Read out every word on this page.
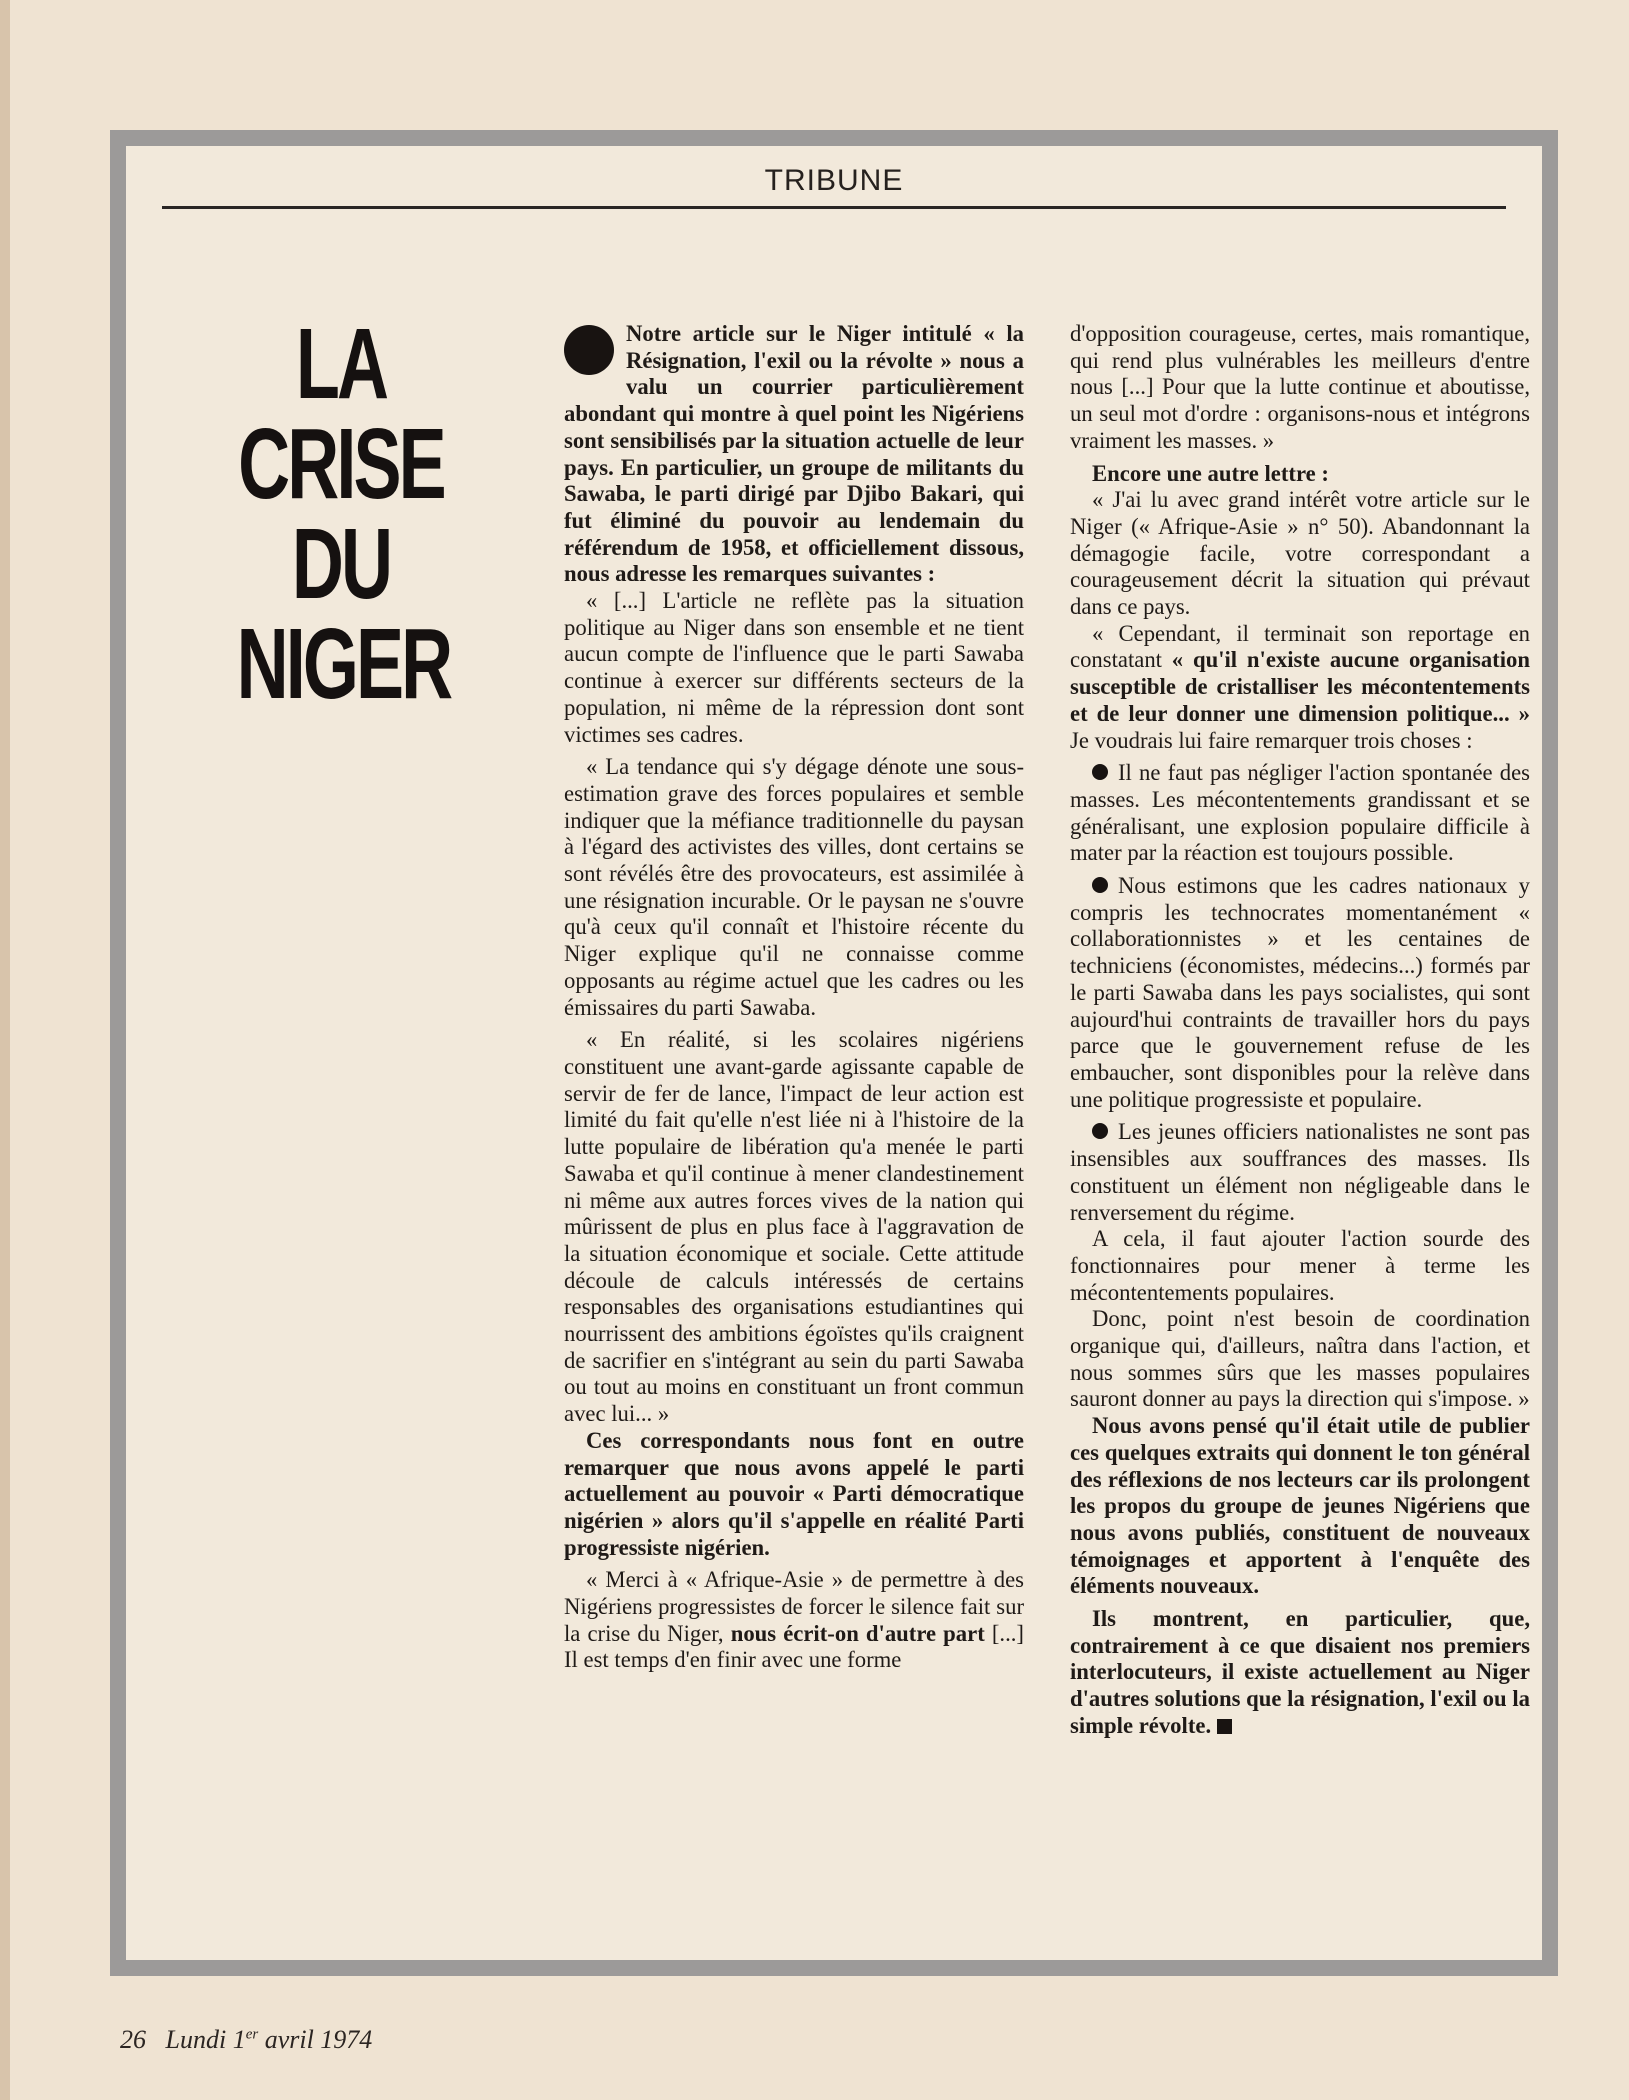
TRIBUNE
LA
CRISE
DU
NIGER

Notre article sur le Niger intitulé « la Résignation, l'exil ou la révolte » nous a valu un courrier particulièrement abondant qui montre à quel point les Nigériens sont sensibilisés par la situation actuelle de leur pays. En particulier, un groupe de militants du Sawaba, le parti dirigé par Djibo Bakari, qui fut éliminé du pouvoir au lendemain du référendum de 1958, et officiellement dissous, nous adresse les remarques suivantes :

« [...] L'article ne reflète pas la situation politique au Niger dans son ensemble et ne tient aucun compte de l'influence que le parti Sawaba continue à exercer sur différents secteurs de la population, ni même de la répression dont sont victimes ses cadres.

« La tendance qui s'y dégage dénote une sous-estimation grave des forces populaires et semble indiquer que la méfiance traditionnelle du paysan à l'égard des activistes des villes, dont certains se sont révélés être des provocateurs, est assimilée à une résignation incurable. Or le paysan ne s'ouvre qu'à ceux qu'il connaît et l'histoire récente du Niger explique qu'il ne connaisse comme opposants au régime actuel que les cadres ou les émissaires du parti Sawaba.

« En réalité, si les scolaires nigériens constituent une avant-garde agissante capable de servir de fer de lance, l'impact de leur action est limité du fait qu'elle n'est liée ni à l'histoire de la lutte populaire de libération qu'a menée le parti Sawaba et qu'il continue à mener clandestinement ni même aux autres forces vives de la nation qui mûrissent de plus en plus face à l'aggravation de la situation économique et sociale. Cette attitude découle de calculs intéressés de certains responsables des organisations estudiantines qui nourrissent des ambitions égoïstes qu'ils craignent de sacrifier en s'intégrant au sein du parti Sawaba ou tout au moins en constituant un front commun avec lui... »

Ces correspondants nous font en outre remarquer que nous avons appelé le parti actuellement au pouvoir « Parti démocratique nigérien » alors qu'il s'appelle en réalité Parti progressiste nigérien.

« Merci à « Afrique-Asie » de permettre à des Nigériens progressistes de forcer le silence fait sur la crise du Niger, nous écrit-on d'autre part [...] Il est temps d'en finir avec une forme

d'opposition courageuse, certes, mais romantique, qui rend plus vulnérables les meilleurs d'entre nous [...] Pour que la lutte continue et aboutisse, un seul mot d'ordre : organisons-nous et intégrons vraiment les masses. »

Encore une autre lettre :

« J'ai lu avec grand intérêt votre article sur le Niger (« Afrique-Asie » n° 50). Abandonnant la démagogie facile, votre correspondant a courageusement décrit la situation qui prévaut dans ce pays.

« Cependant, il terminait son reportage en constatant « qu'il n'existe aucune organisation susceptible de cristalliser les mécontentements et de leur donner une dimension politique... » Je voudrais lui faire remarquer trois choses :

Il ne faut pas négliger l'action spontanée des masses. Les mécontentements grandissant et se généralisant, une explosion populaire difficile à mater par la réaction est toujours possible.

Nous estimons que les cadres nationaux y compris les technocrates momentanément « collaborationnistes » et les centaines de techniciens (économistes, médecins...) formés par le parti Sawaba dans les pays socialistes, qui sont aujourd'hui contraints de travailler hors du pays parce que le gouvernement refuse de les embaucher, sont disponibles pour la relève dans une politique progressiste et populaire.

Les jeunes officiers nationalistes ne sont pas insensibles aux souffrances des masses. Ils constituent un élément non négligeable dans le renversement du régime.

A cela, il faut ajouter l'action sourde des fonctionnaires pour mener à terme les mécontentements populaires.

Donc, point n'est besoin de coordination organique qui, d'ailleurs, naîtra dans l'action, et nous sommes sûrs que les masses populaires sauront donner au pays la direction qui s'impose. »

Nous avons pensé qu'il était utile de publier ces quelques extraits qui donnent le ton général des réflexions de nos lecteurs car ils prolongent les propos du groupe de jeunes Nigériens que nous avons publiés, constituent de nouveaux témoignages et apportent à l'enquête des éléments nouveaux.

Ils montrent, en particulier, que, contrairement à ce que disaient nos premiers interlocuteurs, il existe actuellement au Niger d'autres solutions que la résignation, l'exil ou la simple révolte.

26 Lundi 1er avril 1974
